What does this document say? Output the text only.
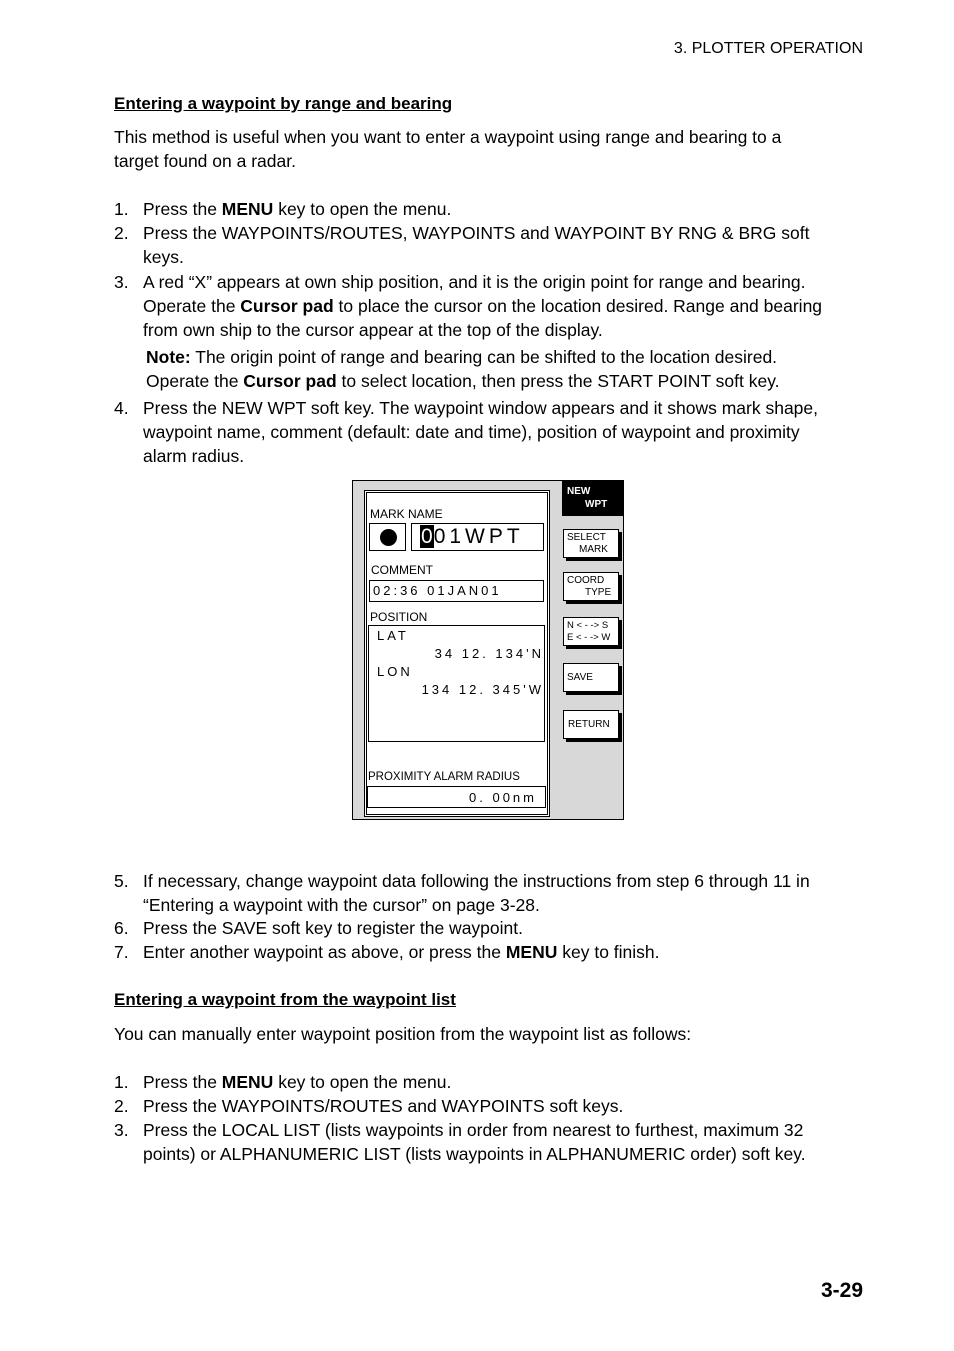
3. PLOTTER OPERATION
Entering a waypoint by range and bearing
This method is useful when you want to enter a waypoint using range and bearing to a
target found on a radar.
1. Press the MENU key to open the menu.
2. Press the WAYPOINTS/ROUTES, WAYPOINTS and WAYPOINT BY RNG & BRG soft
keys.
3. A red “X” appears at own ship position, and it is the origin point for range and bearing.
Operate the Cursor pad to place the cursor on the location desired. Range and bearing
from own ship to the cursor appear at the top of the display.
Note: The origin point of range and bearing can be shifted to the location desired.
Operate the Cursor pad to select location, then press the START POINT soft key.
4. Press the NEW WPT soft key. The waypoint window appears and it shows mark shape,
waypoint name, comment (default: date and time), position of waypoint and proximity
alarm radius.
MARK NAME
001WPT
COMMENT
02:36 01JAN01
POSITION
LAT
34 12. 134'N
LON
134 12. 345'W
PROXIMITY ALARM RADIUS
0. 00nm
NEW
WPT
SELECT
MARK
COORD
TYPE
N < - -> S
E < - -> W
SAVE
RETURN
5. If necessary, change waypoint data following the instructions from step 6 through 11 in
“Entering a waypoint with the cursor” on page 3-28.
6. Press the SAVE soft key to register the waypoint.
7. Enter another waypoint as above, or press the MENU key to finish.
Entering a waypoint from the waypoint list
You can manually enter waypoint position from the waypoint list as follows:
1. Press the MENU key to open the menu.
2. Press the WAYPOINTS/ROUTES and WAYPOINTS soft keys.
3. Press the LOCAL LIST (lists waypoints in order from nearest to furthest, maximum 32
points) or ALPHANUMERIC LIST (lists waypoints in ALPHANUMERIC order) soft key.
3-29
